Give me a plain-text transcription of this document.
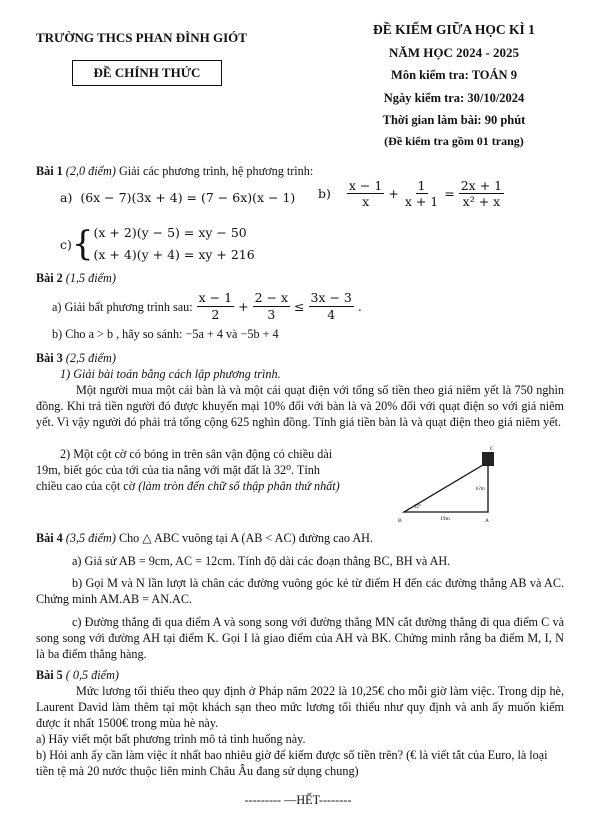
TRƯỜNG THCS PHAN ĐÌNH GIÓT
ĐỀ CHÍNH THỨC
ĐỀ KIỂM GIỮA HỌC KÌ 1
NĂM HỌC 2024 - 2025
Môn kiểm tra: TOÁN 9
Ngày kiểm tra: 30/10/2024
Thời gian làm bài: 90 phút
(Đề kiểm tra gồm 01 trang)
Bài 1 (2,0 điểm) Giải các phương trình, hệ phương trình:
a) (6x − 7)(3x + 4) = (7 − 6x)(x − 1) $b) \frac{x - 1}{x} + \frac{1}{x + 1} = \frac{2x + 1}{\text{x² + x}}$
c) { (x + 2)(y − 5) = xy − 50
(x + 4)(y + 4) = xy + 216
Bài 2 (1,5 điểm)
a) Giải bất phương trình sau: $\frac{x - 1}{2} + \frac{2 - x}{3} \le \frac{3x - 3}{4}$ .
b) Cho a > b , hãy so sánh: −5a + 4 và −5b + 4
Bài 3 (2,5 điểm)
1) Giải bài toán bằng cách lập phương trình.
Một người mua một cái bàn là và một cái quạt điện với tổng số tiền theo giá niêm yết là 750 nghìn đồng. Khi trả tiền người đó được khuyến mại 10% đối với bàn là và 20% đối với quạt điện so với giá niêm yết. Vì vậy người đó phải trả tổng cộng 625 nghìn đồng. Tính giá tiền bàn là và quạt điện theo giá niêm yết.
2) Một cột cờ có bóng in trên sân vận động có chiều dài
19m, biết góc của tới của tia nắng với mặt đất là 32⁰. Tính
chiều cao của cột cờ (làm tròn đến chữ số thập phân thứ nhất)
C
B	A
19m
32°
h?m
Bài 4 (3,5 điểm) Cho △ ABC vuông tại A (AB < AC) đường cao AH.
a) Giả sử AB = 9cm, AC = 12cm. Tính độ dài các đoạn thẳng BC, BH và AH.
b) Gọi M và N lần lượt là chân các đường vuông góc kẻ từ điểm H đến các đường thẳng AB và AC. Chứng minh AM.AB = AN.AC.
c) Đường thẳng đi qua điểm A và song song với đường thẳng MN cắt đường thẳng đi qua điểm C và song song với đường AH tại điểm K. Gọi I là giao điểm của AH và BK. Chứng minh rằng ba điểm M, I, N là ba điểm thẳng hàng.
Bài 5 ( 0,5 điểm)
Mức lương tối thiểu theo quy định ở Pháp năm 2022 là 10,25€ cho mỗi giờ làm việc. Trong dịp hè, Laurent David làm thêm tại một khách sạn theo mức lương tối thiểu như quy định và anh ấy muốn kiếm được ít nhất 1500€ trong mùa hè này.
a) Hãy viết một bất phương trình mô tả tình huống này.
b) Hỏi anh ấy cần làm việc ít nhất bao nhiêu giờ để kiếm được số tiền trên? (€ là viết tắt của Euro, là loại tiền tệ mà 20 nước thuộc liên minh Châu Âu đang sử dụng chung)
--------- —HẾT--------
